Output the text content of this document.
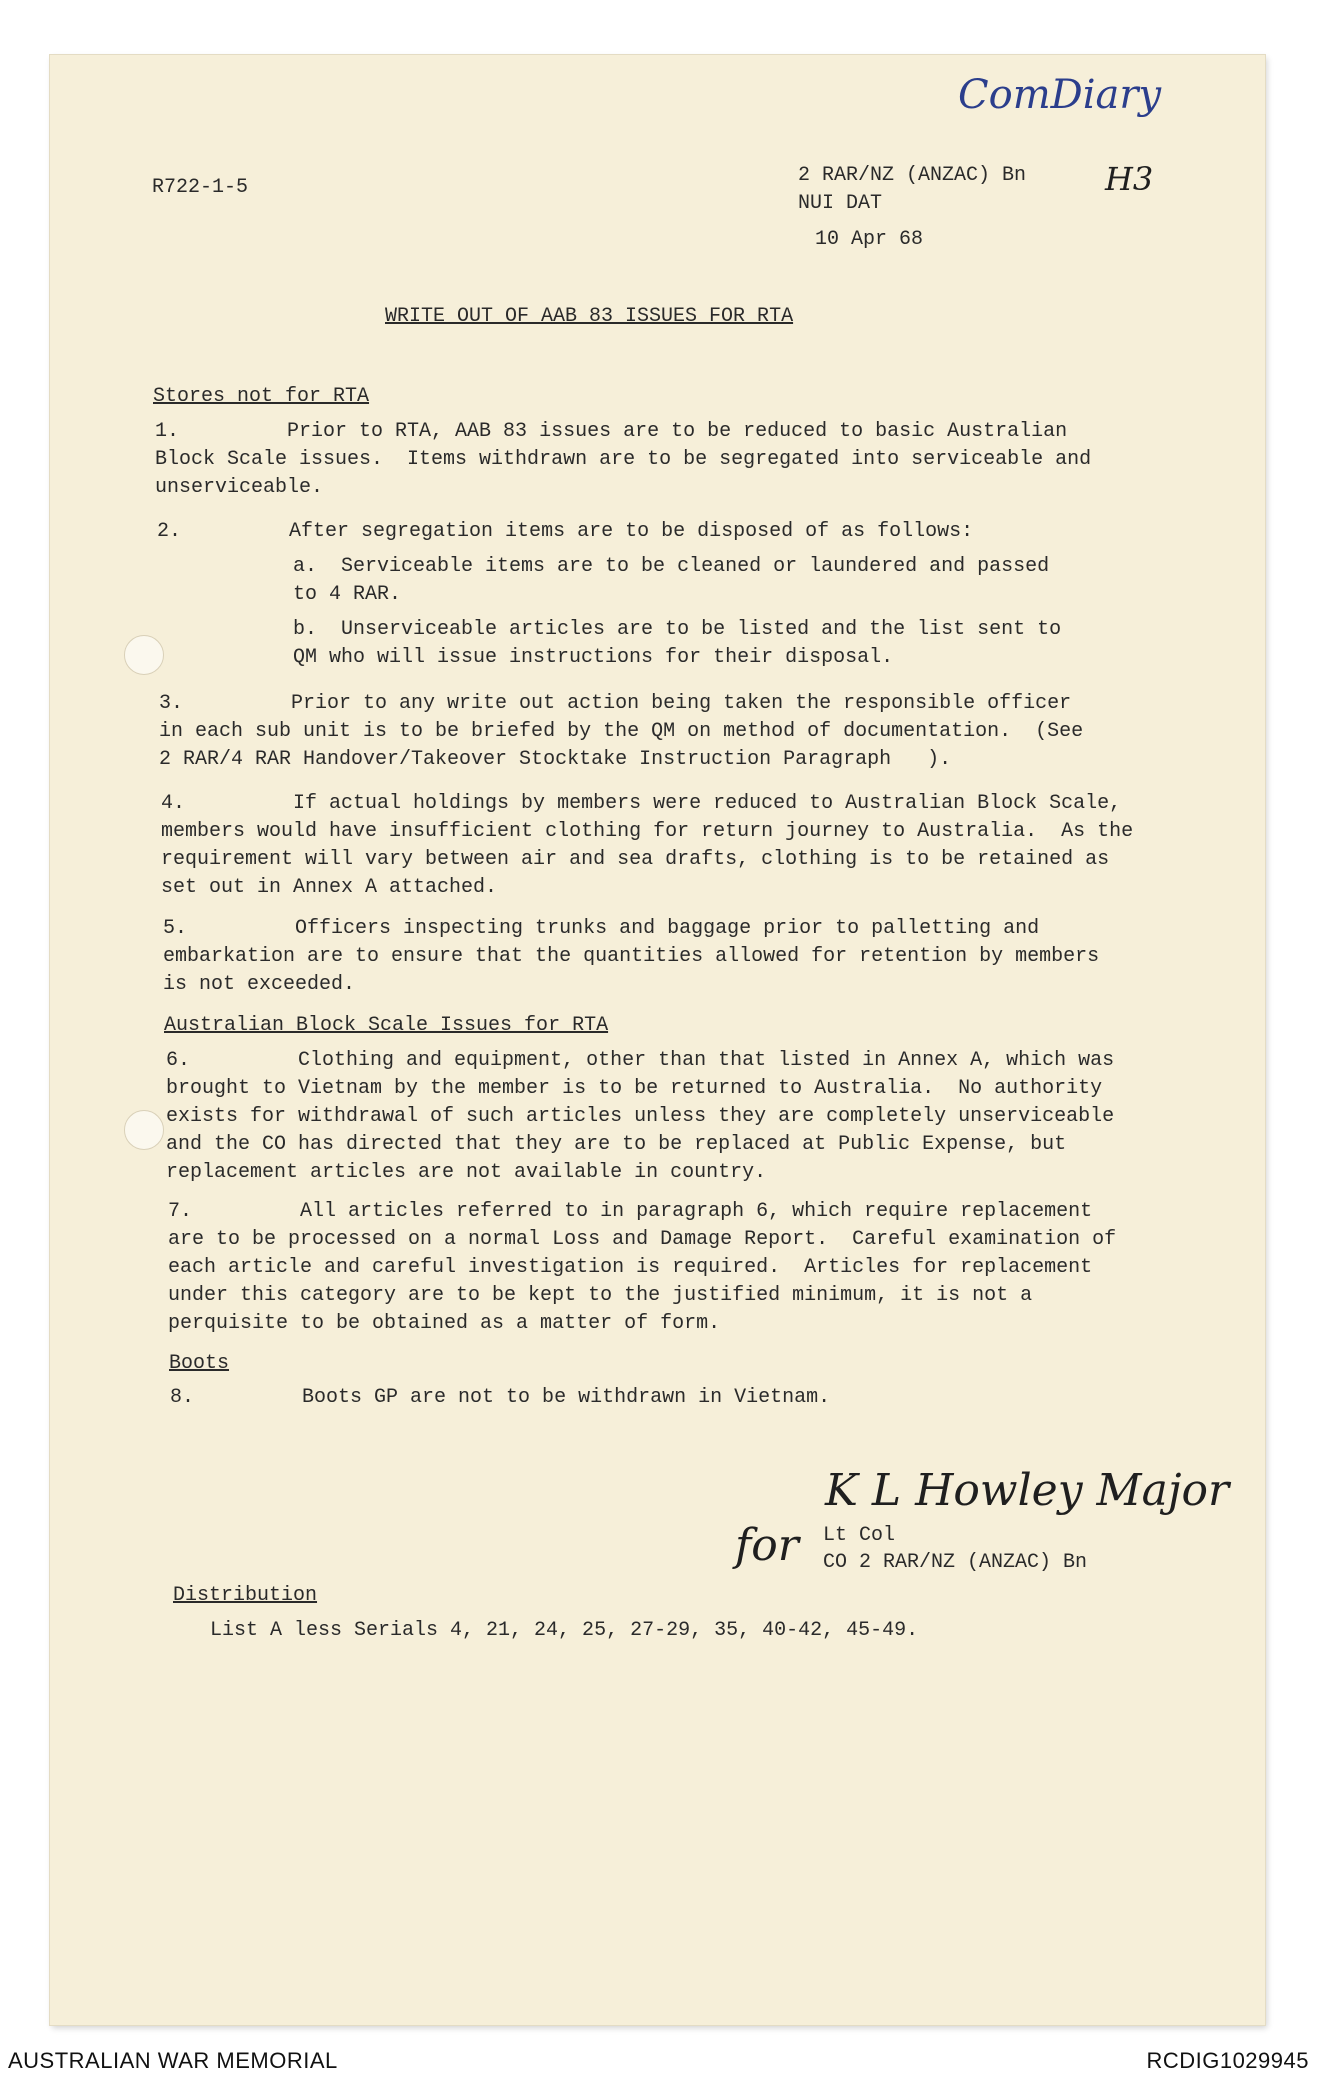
ComDiary
H3
R722-1-5
2 RAR/NZ (ANZAC) Bn
NUI DAT
10 Apr 68
WRITE OUT OF AAB 83 ISSUES FOR RTA
Stores not for RTA
1.         Prior to RTA, AAB 83 issues are to be reduced to basic Australian
Block Scale issues.  Items withdrawn are to be segregated into serviceable and
unserviceable.
2.         After segregation items are to be disposed of as follows:
a.  Serviceable items are to be cleaned or laundered and passed
to 4 RAR.
b.  Unserviceable articles are to be listed and the list sent to
QM who will issue instructions for their disposal.
3.         Prior to any write out action being taken the responsible officer
in each sub unit is to be briefed by the QM on method of documentation.  (See
2 RAR/4 RAR Handover/Takeover Stocktake Instruction Paragraph   ).
4.         If actual holdings by members were reduced to Australian Block Scale,
members would have insufficient clothing for return journey to Australia.  As the
requirement will vary between air and sea drafts, clothing is to be retained as
set out in Annex A attached.
5.         Officers inspecting trunks and baggage prior to palletting and
embarkation are to ensure that the quantities allowed for retention by members
is not exceeded.
Australian Block Scale Issues for RTA
6.         Clothing and equipment, other than that listed in Annex A, which was
brought to Vietnam by the member is to be returned to Australia.  No authority
exists for withdrawal of such articles unless they are completely unserviceable
and the CO has directed that they are to be replaced at Public Expense, but
replacement articles are not available in country.
7.         All articles referred to in paragraph 6, which require replacement
are to be processed on a normal Loss and Damage Report.  Careful examination of
each article and careful investigation is required.  Articles for replacement
under this category are to be kept to the justified minimum, it is not a
perquisite to be obtained as a matter of form.
Boots
8.         Boots GP are not to be withdrawn in Vietnam.
K L Howley Major
for Lt Col
CO 2 RAR/NZ (ANZAC) Bn
Distribution
List A less Serials 4, 21, 24, 25, 27-29, 35, 40-42, 45-49.
AUSTRALIAN WAR MEMORIAL	RCDIG1029945
